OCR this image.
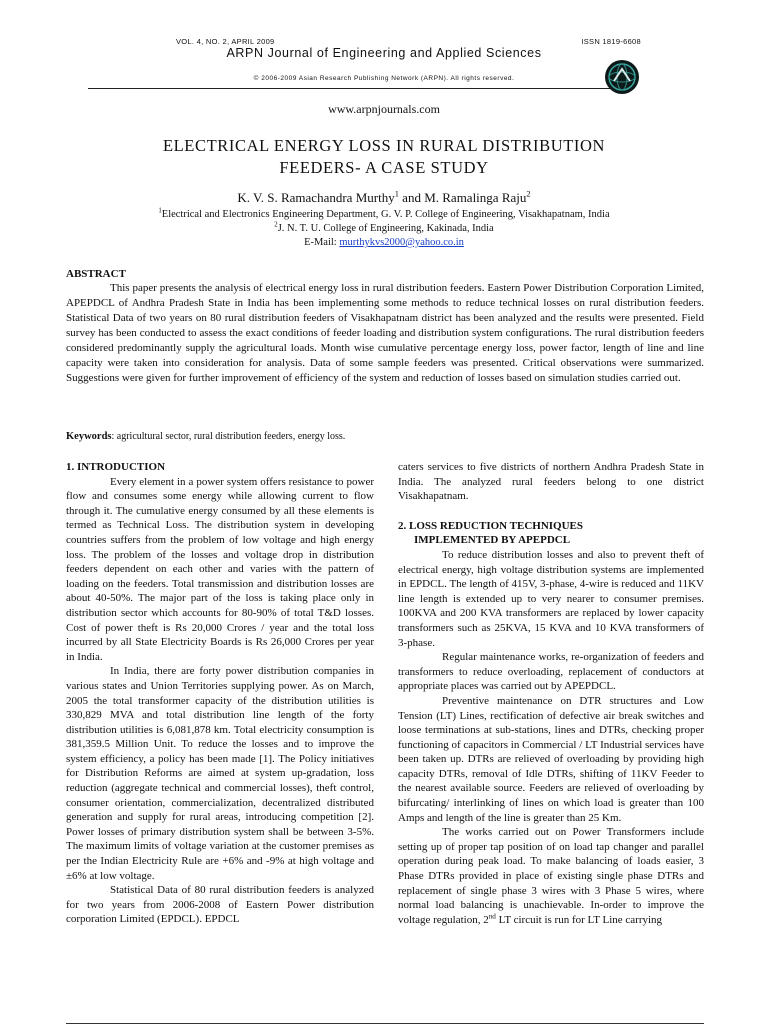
VOL. 4, NO. 2, APRIL 2009	ISSN 1819-6608
ARPN Journal of Engineering and Applied Sciences
© 2006-2009 Asian Research Publishing Network (ARPN). All rights reserved.
www.arpnjournals.com
ELECTRICAL ENERGY LOSS IN RURAL DISTRIBUTION
FEEDERS- A CASE STUDY
K. V. S. Ramachandra Murthy$^1$ and M. Ramalinga Raju$^2$
$^1$Electrical and Electronics Engineering Department, G. V. P. College of Engineering, Visakhapatnam, India
$^2$J. N. T. U. College of Engineering, Kakinada, India
E-Mail: murthykvs2000@yahoo.co.in
ABSTRACT

This paper presents the analysis of electrical energy loss in rural distribution feeders. Eastern Power Distribution Corporation Limited, APEPDCL of Andhra Pradesh State in India has been implementing some methods to reduce technical losses on rural distribution feeders. Statistical Data of two years on 80 rural distribution feeders of Visakhapatnam district has been analyzed and the results were presented. Field survey has been conducted to assess the exact conditions of feeder loading and distribution system configurations. The rural distribution feeders considered predominantly supply the agricultural loads. Month wise cumulative percentage energy loss, power factor, length of line and line capacity were taken into consideration for analysis. Data of some sample feeders was presented. Critical observations were summarized. Suggestions were given for further improvement of efficiency of the system and reduction of losses based on simulation studies carried out.

Keywords: agricultural sector, rural distribution feeders, energy loss.
1. INTRODUCTION

Every element in a power system offers resistance to power flow and consumes some energy while allowing current to flow through it. The cumulative energy consumed by all these elements is termed as Technical Loss. The distribution system in developing countries suffers from the problem of low voltage and high energy loss. The problem of the losses and voltage drop in distribution feeders dependent on each other and varies with the pattern of loading on the feeders. Total transmission and distribution losses are about 40-50%. The major part of the loss is taking place only in distribution sector which accounts for 80-90% of total T&D losses. Cost of power theft is Rs 20,000 Crores / year and the total loss incurred by all State Electricity Boards is Rs 26,000 Crores per year in India.

In India, there are forty power distribution companies in various states and Union Territories supplying power. As on March, 2005 the total transformer capacity of the distribution utilities is 330,829 MVA and total distribution line length of the forty distribution utilities is 6,081,878 km. Total electricity consumption is 381,359.5 Million Unit. To reduce the losses and to improve the system efficiency, a policy has been made [1]. The Policy initiatives for Distribution Reforms are aimed at system up-gradation, loss reduction (aggregate technical and commercial losses), theft control, consumer orientation, commercialization, decentralized distributed generation and supply for rural areas, introducing competition [2]. Power losses of primary distribution system shall be between 3-5%. The maximum limits of voltage variation at the customer premises as per the Indian Electricity Rule are +6% and -9% at high voltage and ±6% at low voltage.

Statistical Data of 80 rural distribution feeders is analyzed for two years from 2006-2008 of Eastern Power distribution corporation Limited (EPDCL). EPDCL

caters services to five districts of northern Andhra Pradesh State in India. The analyzed rural feeders belong to one district Visakhapatnam.

2. LOSS REDUCTION TECHNIQUES
IMPLEMENTED BY APEPDCL

To reduce distribution losses and also to prevent theft of electrical energy, high voltage distribution systems are implemented in EPDCL. The length of 415V, 3-phase, 4-wire is reduced and 11KV line length is extended up to very nearer to consumer premises. 100KVA and 200 KVA transformers are replaced by lower capacity transformers such as 25KVA, 15 KVA and 10 KVA transformers of 3-phase.

Regular maintenance works, re-organization of feeders and transformers to reduce overloading, replacement of conductors at appropriate places was carried out by APEPDCL.

Preventive maintenance on DTR structures and Low Tension (LT) Lines, rectification of defective air break switches and loose terminations at sub-stations, lines and DTRs, checking proper functioning of capacitors in Commercial / LT Industrial services have been taken up. DTRs are relieved of overloading by providing high capacity DTRs, removal of Idle DTRs, shifting of 11KV Feeder to the nearest available source. Feeders are relieved of overloading by bifurcating/ interlinking of lines on which load is greater than 100 Amps and length of the line is greater than 25 Km.

The works carried out on Power Transformers include setting up of proper tap position of on load tap changer and parallel operation during peak load. To make balancing of loads easier, 3 Phase DTRs provided in place of existing single phase DTRs and replacement of single phase 3 wires with 3 Phase 5 wires, where normal load balancing is unachievable. In-order to improve the voltage regulation, 2nd LT circuit is run for LT Line carrying
